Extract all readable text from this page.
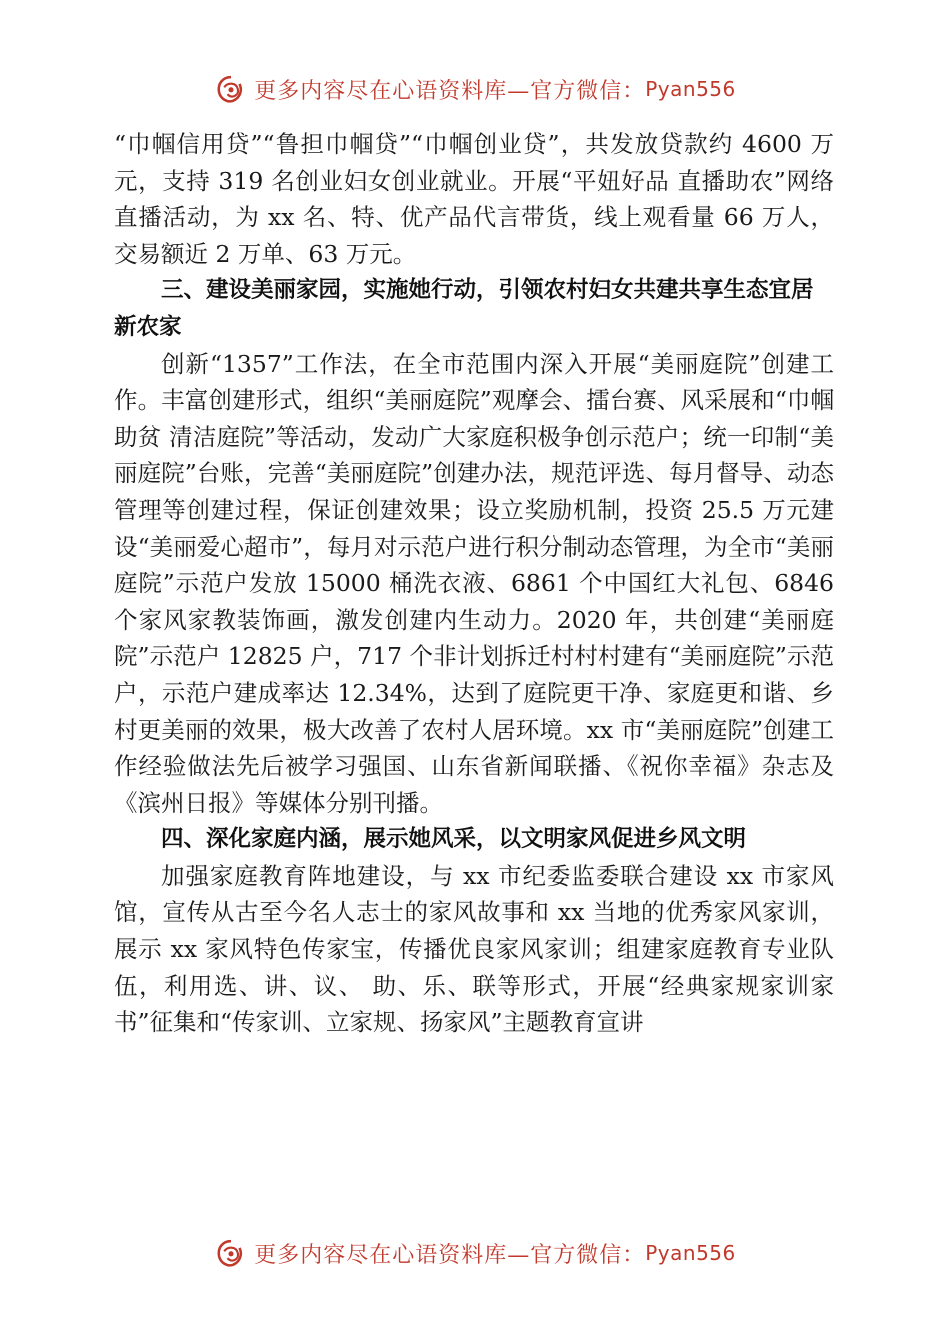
更多内容尽在心语资料库—官方微信： Pyan556

“巾帼信用贷”“鲁担巾帼贷”“巾帼创业贷”，共发放贷款约 4600 万元，支持 319 名创业妇女创业就业。开展“平妞好品 直播助农”网络直播活动，为 xx 名、特、优产品代言带货，线上观看量 66 万人，交易额近 2 万单、63 万元。

三、建设美丽家园，实施她行动，引领农村妇女共建共享生态宜居新农家

创新“1357”工作法，在全市范围内深入开展“美丽庭院”创建工作。丰富创建形式，组织“美丽庭院”观摩会、擂台赛、风采展和“巾帼助贫 清洁庭院”等活动，发动广大家庭积极争创示范户；统一印制“美丽庭院”台账，完善“美丽庭院”创建办法，规范评选、每月督导、动态管理等创建过程，保证创建效果；设立奖励机制，投资 25.5 万元建设“美丽爱心超市”，每月对示范户进行积分制动态管理，为全市“美丽庭院”示范户发放 15000 桶洗衣液、6861 个中国红大礼包、6846 个家风家教装饰画，激发创建内生动力。2020 年，共创建“美丽庭院”示范户 12825 户，717 个非计划拆迁村村村建有“美丽庭院”示范户，示范户建成率达 12.34%，达到了庭院更干净、家庭更和谐、乡村更美丽的效果，极大改善了农村人居环境。xx 市“美丽庭院”创建工作经验做法先后被学习强国、山东省新闻联播、《祝你幸福》杂志及《滨州日报》等媒体分别刊播。

四、深化家庭内涵，展示她风采，以文明家风促进乡风文明

加强家庭教育阵地建设，与 xx 市纪委监委联合建设 xx 市家风馆，宣传从古至今名人志士的家风故事和 xx 当地的优秀家风家训，展示 xx 家风特色传家宝，传播优良家风家训；组建家庭教育专业队伍，利用选、讲、议、 助、乐、联等形式，开展“经典家规家训家书”征集和“传家训、立家规、扬家风”主题教育宣讲

更多内容尽在心语资料库—官方微信： Pyan556
